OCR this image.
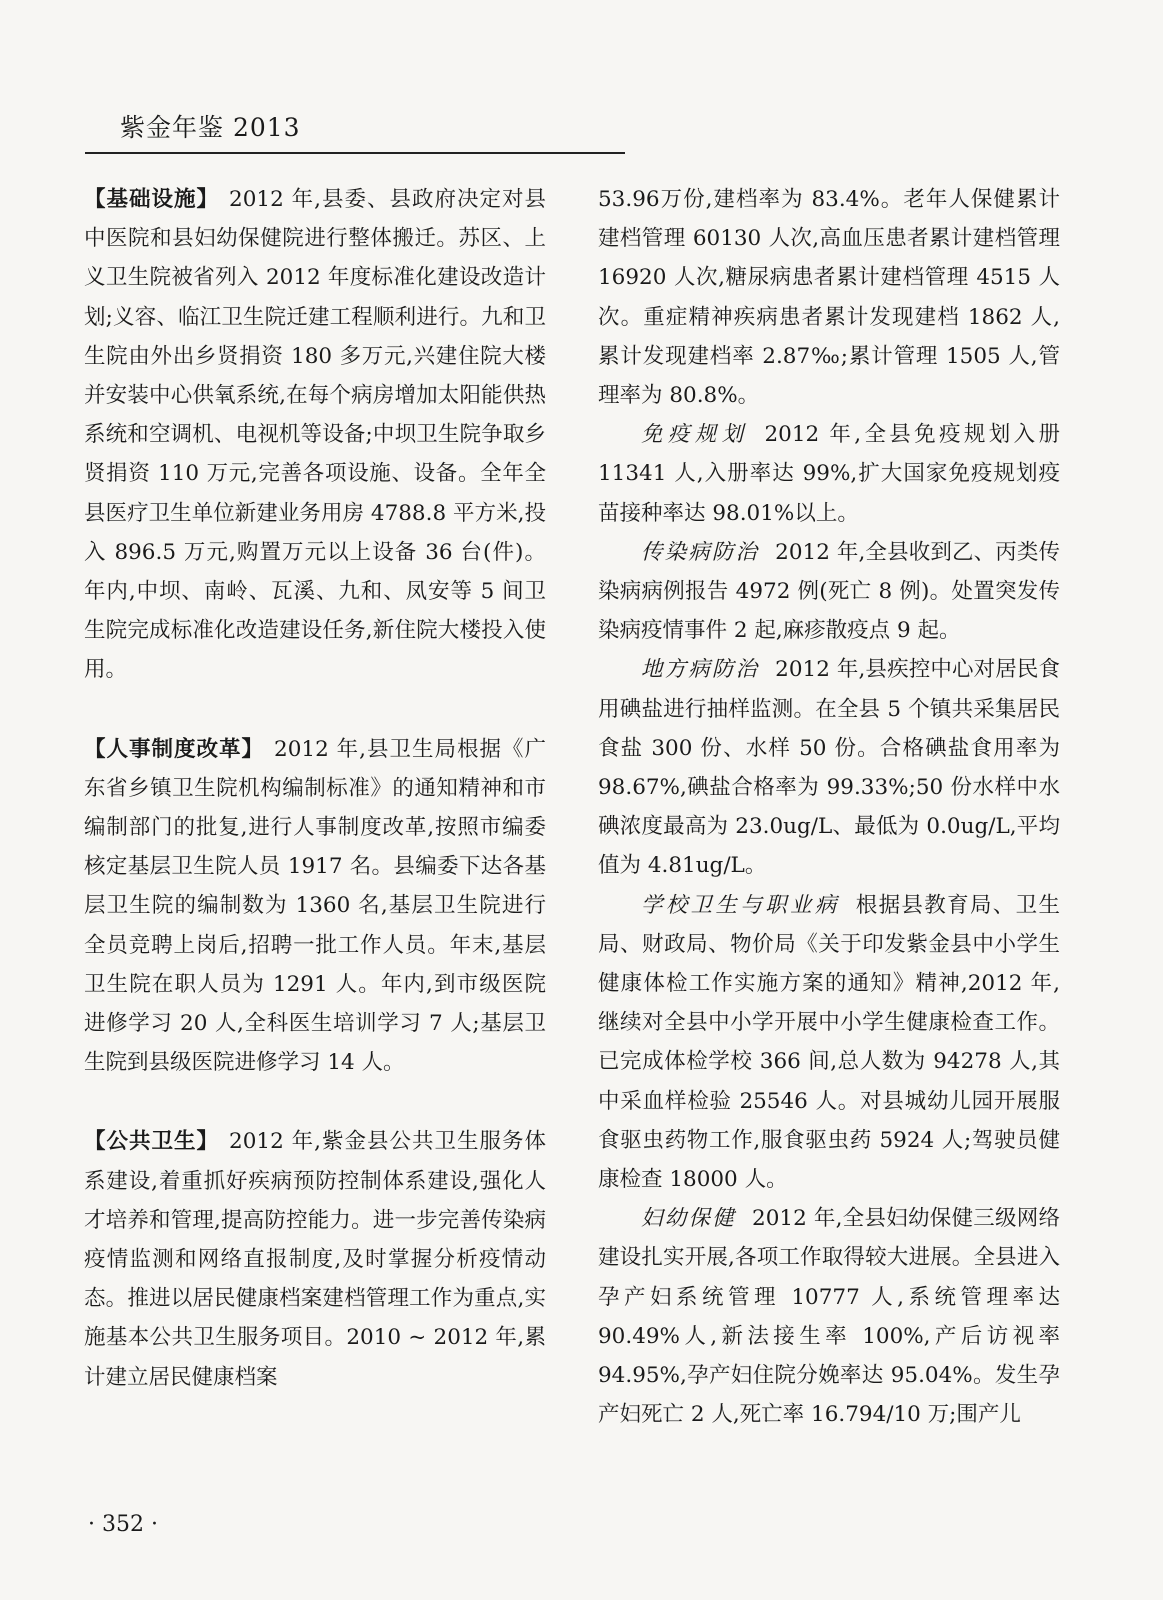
紫金年鉴 2013

【基础设施】 2012 年,县委、县政府决定对县中医院和县妇幼保健院进行整体搬迁。苏区、上义卫生院被省列入 2012 年度标准化建设改造计划;义容、临江卫生院迁建工程顺利进行。九和卫生院由外出乡贤捐资 180 多万元,兴建住院大楼并安装中心供氧系统,在每个病房增加太阳能供热系统和空调机、电视机等设备;中坝卫生院争取乡贤捐资 110 万元,完善各项设施、设备。全年全县医疗卫生单位新建业务用房 4788.8 平方米,投入 896.5 万元,购置万元以上设备 36 台(件)。年内,中坝、南岭、瓦溪、九和、凤安等 5 间卫生院完成标准化改造建设任务,新住院大楼投入使用。

【人事制度改革】 2012 年,县卫生局根据《广东省乡镇卫生院机构编制标准》的通知精神和市编制部门的批复,进行人事制度改革,按照市编委核定基层卫生院人员 1917 名。县编委下达各基层卫生院的编制数为 1360 名,基层卫生院进行全员竞聘上岗后,招聘一批工作人员。年末,基层卫生院在职人员为 1291 人。年内,到市级医院进修学习 20 人,全科医生培训学习 7 人;基层卫生院到县级医院进修学习 14 人。

【公共卫生】 2012 年,紫金县公共卫生服务体系建设,着重抓好疾病预防控制体系建设,强化人才培养和管理,提高防控能力。进一步完善传染病疫情监测和网络直报制度,及时掌握分析疫情动态。推进以居民健康档案建档管理工作为重点,实施基本公共卫生服务项目。2010 ~ 2012 年,累计建立居民健康档案

53.96万份,建档率为 83.4%。老年人保健累计建档管理 60130 人次,高血压患者累计建档管理 16920 人次,糖尿病患者累计建档管理 4515 人次。重症精神疾病患者累计发现建档 1862 人,累计发现建档率 2.87‰;累计管理 1505 人,管理率为 80.8%。

免疫规划 2012 年,全县免疫规划入册 11341 人,入册率达 99%,扩大国家免疫规划疫苗接种率达 98.01%以上。

传染病防治 2012 年,全县收到乙、丙类传染病病例报告 4972 例(死亡 8 例)。处置突发传染病疫情事件 2 起,麻疹散疫点 9 起。

地方病防治 2012 年,县疾控中心对居民食用碘盐进行抽样监测。在全县 5 个镇共采集居民食盐 300 份、水样 50 份。合格碘盐食用率为 98.67%,碘盐合格率为 99.33%;50 份水样中水碘浓度最高为 23.0ug/L、最低为 0.0ug/L,平均值为 4.81ug/L。

学校卫生与职业病 根据县教育局、卫生局、财政局、物价局《关于印发紫金县中小学生健康体检工作实施方案的通知》精神,2012 年,继续对全县中小学开展中小学生健康检查工作。已完成体检学校 366 间,总人数为 94278 人,其中采血样检验 25546 人。对县城幼儿园开展服食驱虫药物工作,服食驱虫药 5924 人;驾驶员健康检查 18000 人。

妇幼保健 2012 年,全县妇幼保健三级网络建设扎实开展,各项工作取得较大进展。全县进入孕产妇系统管理 10777 人,系统管理率达 90.49%人,新法接生率 100%,产后访视率 94.95%,孕产妇住院分娩率达 95.04%。发生孕产妇死亡 2 人,死亡率 16.794/10 万;围产儿

· 352 ·
